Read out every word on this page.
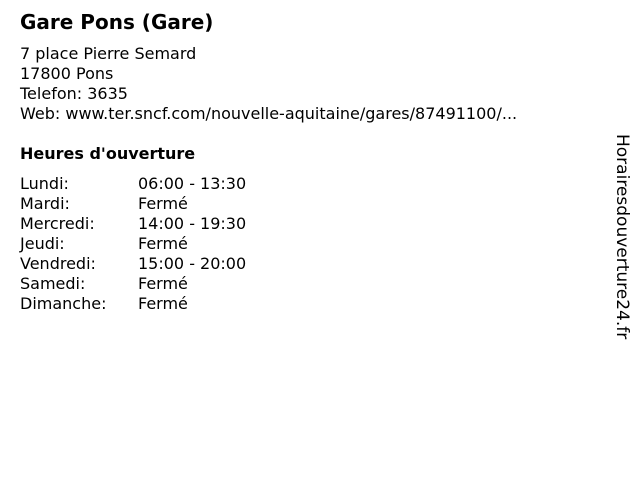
Gare Pons (Gare)
7 place Pierre Semard
17800 Pons
Telefon: 3635
Web: www.ter.sncf.com/nouvelle-aquitaine/gares/87491100/...
Heures d'ouverture
Lundi:	06:00 - 13:30
Mardi:	Fermé
Mercredi:	14:00 - 19:30
Jeudi:	Fermé
Vendredi:	15:00 - 20:00
Samedi:	Fermé
Dimanche:	Fermé	Horairesdouverture24.fr
